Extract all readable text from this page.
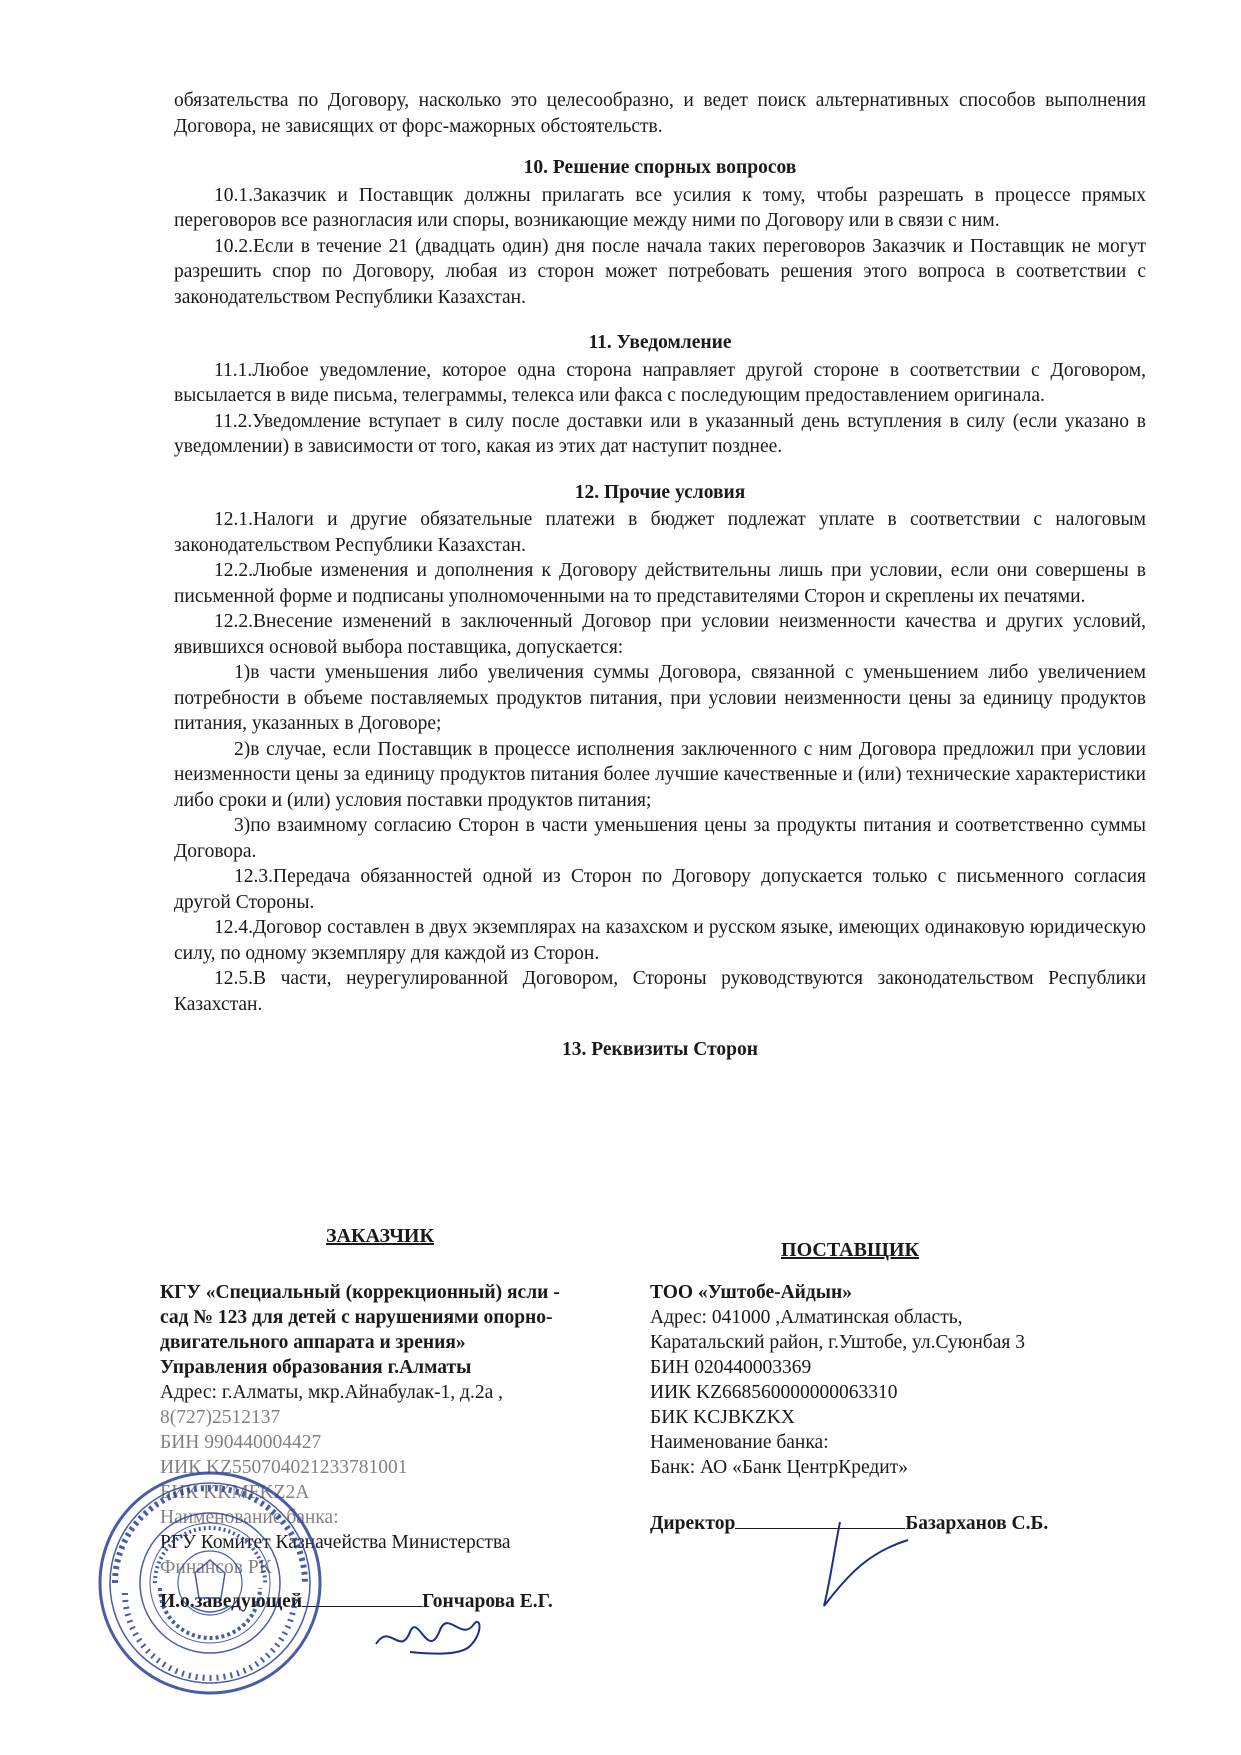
обязательства по Договору, насколько это целесообразно, и ведет поиск альтернативных способов выполнения Договора, не зависящих от форс-мажорных обстоятельств.

10. Решение спорных вопросов

10.1.Заказчик и Поставщик должны прилагать все усилия к тому, чтобы разрешать в процессе прямых переговоров все разногласия или споры, возникающие между ними по Договору или в связи с ним.

10.2.Если в течение 21 (двадцать один) дня после начала таких переговоров Заказчик и Поставщик не могут разрешить спор по Договору, любая из сторон может потребовать решения этого вопроса в соответствии с законодательством Республики Казахстан.

11. Уведомление

11.1.Любое уведомление, которое одна сторона направляет другой стороне в соответствии с Договором, высылается в виде письма, телеграммы, телекса или факса с последующим предоставлением оригинала.

11.2.Уведомление вступает в силу после доставки или в указанный день вступления в силу (если указано в уведомлении) в зависимости от того, какая из этих дат наступит позднее.

12. Прочие условия

12.1.Налоги и другие обязательные платежи в бюджет подлежат уплате в соответствии с налоговым законодательством Республики Казахстан.

12.2.Любые изменения и дополнения к Договору действительны лишь при условии, если они совершены в письменной форме и подписаны уполномоченными на то представителями Сторон и скреплены их печатями.

12.2.Внесение изменений в заключенный Договор при условии неизменности качества и других условий, явившихся основой выбора поставщика, допускается:

1)в части уменьшения либо увеличения суммы Договора, связанной с уменьшением либо увеличением потребности в объеме поставляемых продуктов питания, при условии неизменности цены за единицу продуктов питания, указанных в Договоре;

2)в случае, если Поставщик в процессе исполнения заключенного с ним Договора предложил при условии неизменности цены за единицу продуктов питания более лучшие качественные и (или) технические характеристики либо сроки и (или) условия поставки продуктов питания;

3)по взаимному согласию Сторон в части уменьшения цены за продукты питания и соответственно суммы Договора.

12.3.Передача обязанностей одной из Сторон по Договору допускается только с письменного согласия другой Стороны.

12.4.Договор составлен в двух экземплярах на казахском и русском языке, имеющих одинаковую юридическую силу, по одному экземпляру для каждой из Сторон.

12.5.В части, неурегулированной Договором, Стороны руководствуются законодательством Республики Казахстан.

13. Реквизиты Сторон

ЗАКАЗЧИК

КГУ «Специальный (коррекционный) ясли -

сад № 123 для детей с нарушениями опорно-

двигательного аппарата и зрения»

Управления образования г.Алматы

Адрес: г.Алматы, мкр.Айнабулак-1, д.2а ,

8(727)2512137

БИН 990440004427

ИИК KZ55070402123378100​1

БИК KKMFKZ2A

Наименование банка:

РГУ Комитет Казначейства Министерства

Финансов РК

И.о.заведующей	Гончарова Е.Г.

ПОСТАВЩИК

ТОО «Уштобе-Айдын»

Адрес: 041000 ,Алматинская область,

Каратальский район, г.Уштобе, ул.Суюнбая 3

БИН 020440003369

ИИК KZ668560000000063310

БИК KCJBKZKX

Наименование банка:

Банк: АО «Банк ЦентрКредит»

Директор	Базарханов С.Б.
